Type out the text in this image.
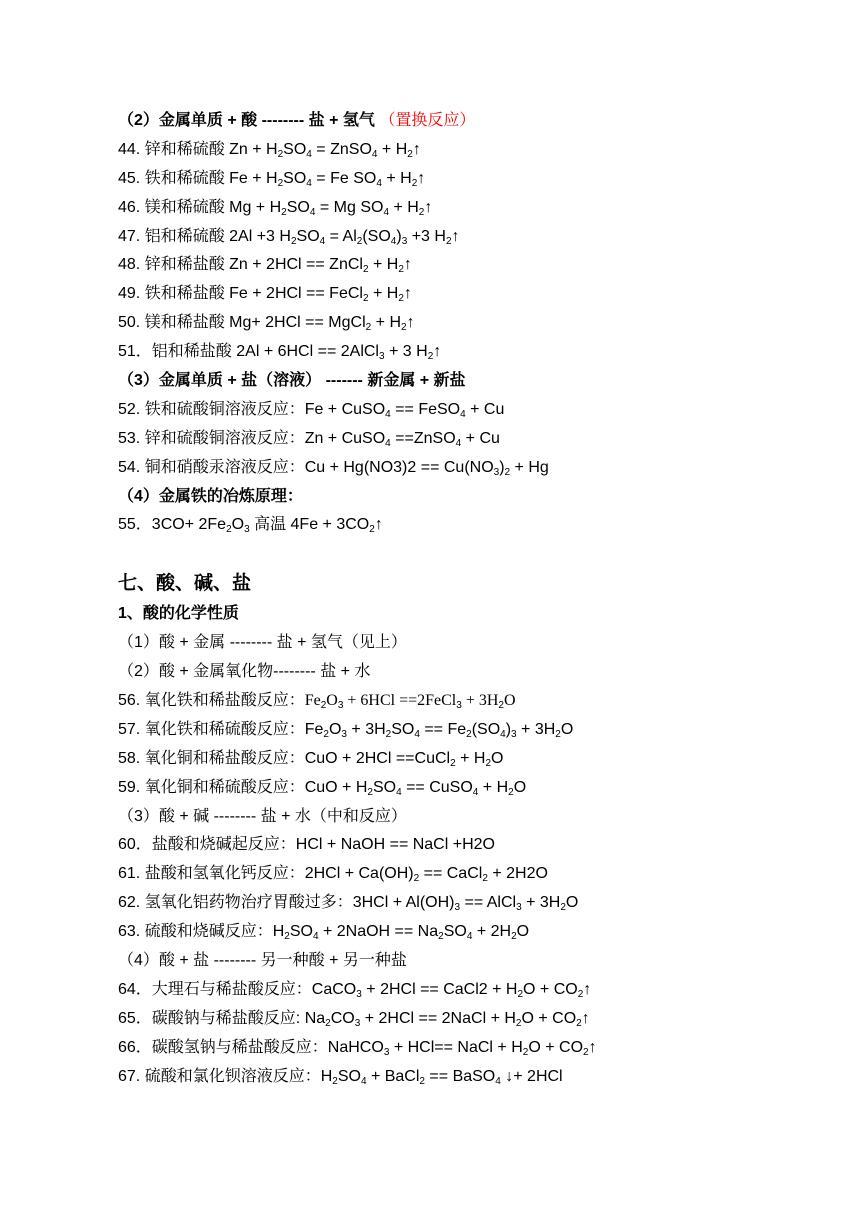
（2）金属单质 + 酸 -------- 盐 + 氢气 （置换反应）
44. 锌和稀硫酸 $Zn + H_2SO_4$ = ZnSO$_4$ + $H_2↑$
45. 铁和稀硫酸 $Fe + H_2SO_4 = Fe$ $SO_4$ + $H_2↑$
46. 镁和稀硫酸 $Mg + H_2SO_4 = Mg$ $SO_4$ + $H_2↑$
47. 铝和稀硫酸 2Al +3 $H_2SO_4 = Al_2(SO_4)_3 +3$ $H_2↑$
48. 锌和稀盐酸 Zn + 2HCl == ZnCl$_2$ + $H_2↑$
49. 铁和稀盐酸 Fe + 2HCl == FeCl$_2$ + $H_2↑$
50. 镁和稀盐酸 Mg+ 2HCl == MgCl$_2$ + $H_2↑$
51．铝和稀盐酸 2Al + 6HCl == 2AlCl$_3$ + 3 $H_2↑$
（3）金属单质 + 盐（溶液） ------- 新金属 + 新盐
52. 铁和硫酸铜溶液反应：Fe + CuSO$_4$ == FeSO$_4$ + Cu
53. 锌和硫酸铜溶液反应：Zn + CuSO$_4$ ==ZnSO$_4$ + Cu
54. 铜和硝酸汞溶液反应：$Cu + Hg(NO3)2 == Cu(NO_3)_2 + Hg$
（4）金属铁的冶炼原理：
55．$3CO+ 2Fe_2O_3$ 高温 $4Fe + 3CO_2↑$
七、酸、碱、盐
1、酸的化学性质
（1）酸 + 金属 -------- 盐 + 氢气（见上）
（2）酸 + 金属氧化物-------- 盐 + 水
56. 氧化铁和稀盐酸反应：$Fe_2O_3 + 6HCl$ ==2FeCl$_3$ + $3H_2O$
57. 氧化铁和稀硫酸反应：$Fe_2O_3 + 3H_2SO_4 == Fe_2(SO_4)_3 + 3H_2O$
58. 氧化铜和稀盐酸反应：CuO + 2HCl ==CuCl$_2$ + $H_2O$
59. 氧化铜和稀硫酸反应：CuO + $H_2SO_4$ == CuSO$_4$ + $H_2O$
（3）酸 + 碱 -------- 盐 + 水（中和反应）
60．盐酸和烧碱起反应：HCl + NaOH == NaCl +H2O
61. 盐酸和氢氧化钙反应：$2HCl + Ca(OH)_2$ == CaCl$_2$ + 2H2O
62. 氢氧化铝药物治疗胃酸过多：$3HCl + Al(OH)_3$ == AlCl$_3$ + $3H_2O$
63. 硫酸和烧碱反应：$H_2SO_4$ + 2NaOH == $Na_2SO_4 + 2H_2O$
（4）酸 + 盐 -------- 另一种酸 + 另一种盐
64．大理石与稀盐酸反应：CaCO$_3$ + 2HCl == CaCl2 + $H_2O$ + $CO_2↑$
65．碳酸钠与稀盐酸反应: $Na_2CO_3 + 2HCl$ == 2NaCl + $H_2O$ + $CO_2↑$
66．碳酸氢钠与稀盐酸反应：NaHCO$_3$ + HCl== NaCl + $H_2O$ + $CO_2↑$
67. 硫酸和氯化钡溶液反应：$H_2SO_4$ + BaCl$_2$ == BaSO$_4$ ↓+ 2HCl
